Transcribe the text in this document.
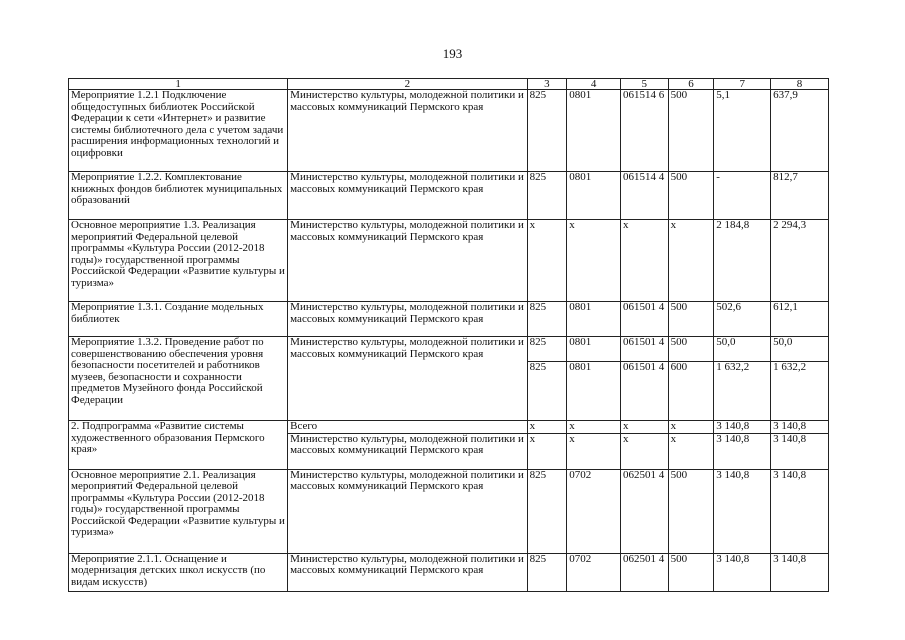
193
1	2	3	4	5	6	7	8
Мероприятие 1.2.1 Подключение общедоступных библиотек Российской Федерации к сети «Интернет» и развитие системы библиотечного дела с учетом задачи расширения информационных технологий и оцифровки	Министерство культуры, молодежной политики и массовых коммуникаций Пермского края	825	0801	061514 6	500	5,1	637,9
Мероприятие 1.2.2. Комплектование книжных фондов библиотек муниципальных образований	Министерство культуры, молодежной политики и массовых коммуникаций Пермского края	825	0801	061514 4	500	-	812,7
Основное мероприятие 1.3. Реализация мероприятий Федеральной целевой программы «Культура России (2012-2018 годы)» государственной программы Российской Федерации «Развитие культуры и туризма»	Министерство культуры, молодежной политики и массовых коммуникаций Пермского края	x	x	x	x	2 184,8	2 294,3
Мероприятие 1.3.1. Создание модельных библиотек	Министерство культуры, молодежной политики и массовых коммуникаций Пермского края	825	0801	061501 4	500	502,6	612,1
Мероприятие 1.3.2. Проведение работ по совершенствованию обеспечения уровня безопасности посетителей и работников музеев, безопасности и сохранности предметов Музейного фонда Российской Федерации	Министерство культуры, молодежной политики и массовых коммуникаций Пермского края	825	0801	061501 4	500	50,0	50,0
		825	0801	061501 4	600	1 632,2	1 632,2
2. Подпрограмма «Развитие системы художественного образования Пермского края»	Всего	x	x	x	x	3 140,8	3 140,8
	Министерство культуры, молодежной политики и массовых коммуникаций Пермского края	x	x	x	x	3 140,8	3 140,8
Основное мероприятие 2.1. Реализация мероприятий Федеральной целевой программы «Культура России (2012-2018 годы)» государственной программы Российской Федерации «Развитие культуры и туризма»	Министерство культуры, молодежной политики и массовых коммуникаций Пермского края	825	0702	062501 4	500	3 140,8	3 140,8
Мероприятие 2.1.1. Оснащение и модернизация детских школ искусств (по видам искусств)	Министерство культуры, молодежной политики и массовых коммуникаций Пермского края	825	0702	062501 4	500	3 140,8	3 140,8
